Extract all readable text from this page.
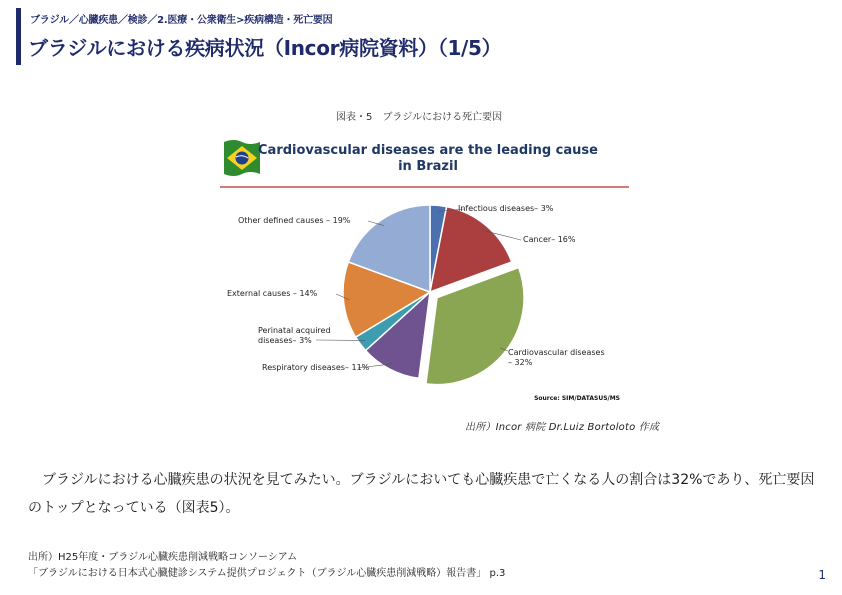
ブラジル／心臓疾患／検診／2.医療・公衆衛生>疾病構造・死亡要因
ブラジルにおける疾病状況（Incor病院資料）（1/5）
図表・5　ブラジルにおける死亡要因
Cardiovascular diseases are the leading cause
in Brazil
Infectious diseases– 3%
Cancer– 16%
Cardiovascular diseases – 32%
Respiratory diseases– 11%
Perinatal acquired diseases– 3%
External causes – 14%
Other defined causes – 19%
Source: SIM/DATASUS/MS
出所）Incor 病院 Dr.Luiz Bortoloto 作成
ブラジルにおける心臓疾患の状況を見てみたい。ブラジルにおいても心臓疾患で亡くなる人の割合は32%であり、死亡要因のトップとなっている（図表5）。
出所）H25年度・ブラジル心臓疾患削減戦略コンソーシアム
「ブラジルにおける日本式心臓健診システム提供プロジェクト（ブラジル心臓疾患削減戦略）報告書」 p.3	1
